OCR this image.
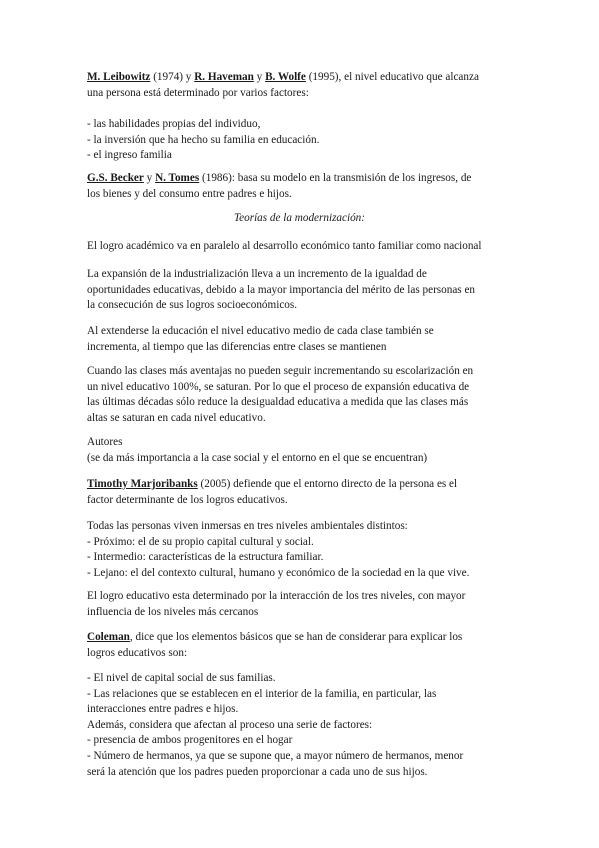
M. Leibowitz (1974) y R. Haveman y B. Wolfe (1995), el nivel educativo que alcanza
una persona está determinado por varios factores:
- las habilidades propias del individuo,
- la inversión que ha hecho su familia en educación.
- el ingreso familia
G.S. Becker y N. Tomes (1986): basa su modelo en la transmisión de los ingresos, de
los bienes y del consumo entre padres e hijos.
Teorías de la modernización:
El logro académico va en paralelo al desarrollo económico tanto familiar como nacional
La expansión de la industrialización lleva a un incremento de la igualdad de
oportunidades educativas, debido a la mayor importancia del mérito de las personas en
la consecución de sus logros socioeconómicos.
Al extenderse la educación el nivel educativo medio de cada clase también se
incrementa, al tiempo que las diferencias entre clases se mantienen
Cuando las clases más aventajas no pueden seguir incrementando su escolarización en
un nivel educativo 100%, se saturan. Por lo que el proceso de expansión educativa de
las últimas décadas sólo reduce la desigualdad educativa a medida que las clases más
altas se saturan en cada nivel educativo.
Autores
(se da más importancia a la case social y el entorno en el que se encuentran)
Timothy Marjoribanks (2005) defiende que el entorno directo de la persona es el
factor determinante de los logros educativos.
Todas las personas viven inmersas en tres niveles ambientales distintos:
- Próximo: el de su propio capital cultural y social.
- Intermedio: características de la estructura familiar.
- Lejano: el del contexto cultural, humano y económico de la sociedad en la que vive.
El logro educativo esta determinado por la interacción de los tres niveles, con mayor
influencia de los niveles más cercanos
Coleman, dice que los elementos básicos que se han de considerar para explicar los
logros educativos son:
- El nivel de capital social de sus familias.
- Las relaciones que se establecen en el interior de la familia, en particular, las
interacciones entre padres e hijos.
Además, considera que afectan al proceso una serie de factores:
- presencia de ambos progenitores en el hogar
- Número de hermanos, ya que se supone que, a mayor número de hermanos, menor
será la atención que los padres pueden proporcionar a cada uno de sus hijos.
